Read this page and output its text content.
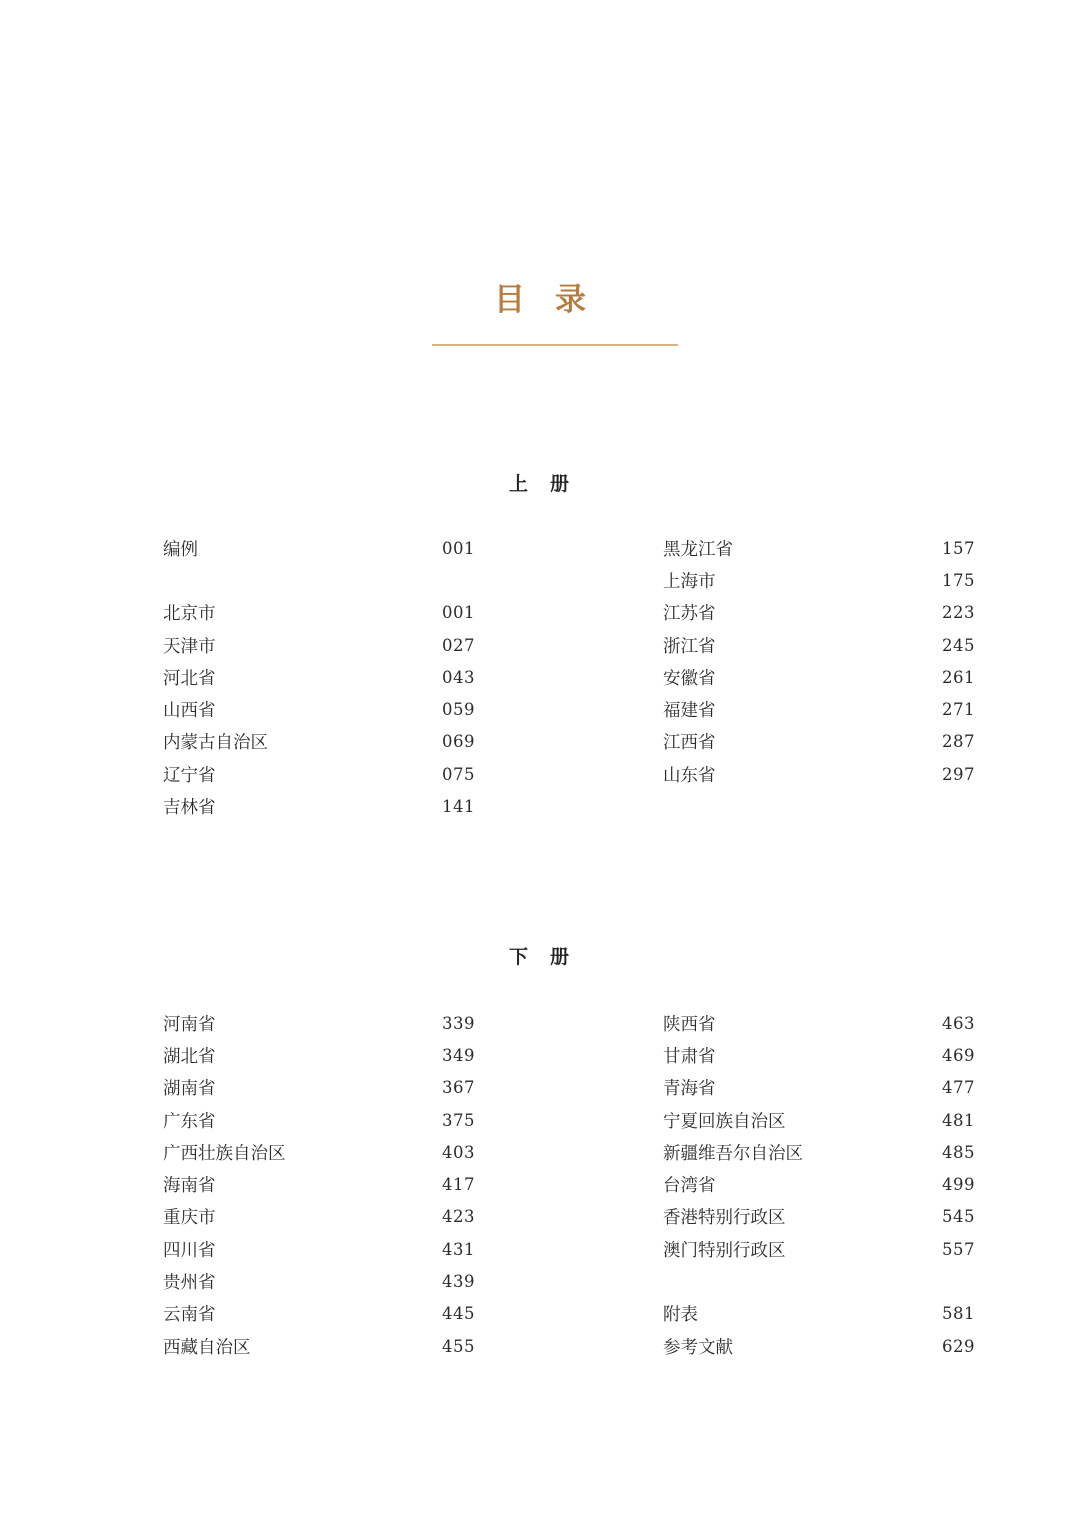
目录
上册
编例	001
北京市	001
天津市	027
河北省	043
山西省	059
内蒙古自治区	069
辽宁省	075
吉林省	141
黑龙江省	157
上海市	175
江苏省	223
浙江省	245
安徽省	261
福建省	271
江西省	287
山东省	297
下册
河南省	339
湖北省	349
湖南省	367
广东省	375
广西壮族自治区	403
海南省	417
重庆市	423
四川省	431
贵州省	439
云南省	445
西藏自治区	455
陕西省	463
甘肃省	469
青海省	477
宁夏回族自治区	481
新疆维吾尔自治区	485
台湾省	499
香港特别行政区	545
澳门特别行政区	557
附表	581
参考文献	629
